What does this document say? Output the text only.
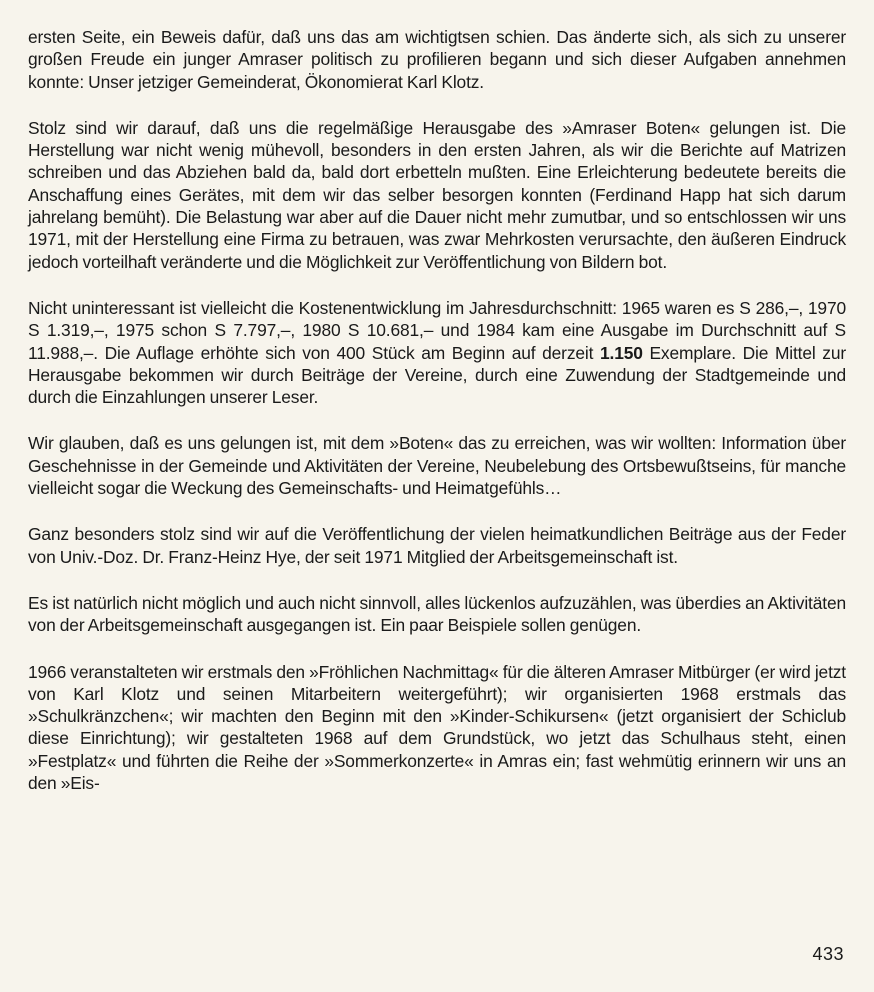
ersten Seite, ein Beweis dafür, daß uns das am wichtigtsen schien. Das änderte sich, als sich zu unserer großen Freude ein junger Amraser politisch zu profilieren begann und sich dieser Aufgaben annehmen konnte: Unser jetziger Gemeinderat, Ökonomierat Karl Klotz.

Stolz sind wir darauf, daß uns die regelmäßige Herausgabe des »Amraser Boten« gelungen ist. Die Herstellung war nicht wenig mühevoll, besonders in den ersten Jahren, als wir die Berichte auf Matrizen schreiben und das Abziehen bald da, bald dort erbetteln mußten. Eine Erleichterung bedeutete bereits die Anschaffung eines Gerätes, mit dem wir das selber besorgen konnten (Ferdinand Happ hat sich darum jahrelang bemüht). Die Belastung war aber auf die Dauer nicht mehr zumutbar, und so entschlossen wir uns 1971, mit der Herstellung eine Firma zu betrauen, was zwar Mehrkosten verursachte, den äußeren Eindruck jedoch vorteilhaft veränderte und die Möglichkeit zur Veröffentlichung von Bildern bot.

Nicht uninteressant ist vielleicht die Kostenentwicklung im Jahresdurchschnitt: 1965 waren es S 286,–, 1970 S 1.319,–, 1975 schon S 7.797,–, 1980 S 10.681,– und 1984 kam eine Ausgabe im Durchschnitt auf S 11.988,–. Die Auflage erhöhte sich von 400 Stück am Beginn auf derzeit 1.150 Exemplare. Die Mittel zur Herausgabe bekommen wir durch Beiträge der Vereine, durch eine Zuwendung der Stadtgemeinde und durch die Einzahlungen unserer Leser.

Wir glauben, daß es uns gelungen ist, mit dem »Boten« das zu erreichen, was wir wollten: Information über Geschehnisse in der Gemeinde und Aktivitäten der Vereine, Neubelebung des Ortsbewußtseins, für manche vielleicht sogar die Weckung des Gemeinschafts- und Heimatgefühls…

Ganz besonders stolz sind wir auf die Veröffentlichung der vielen heimatkundlichen Beiträge aus der Feder von Univ.-Doz. Dr. Franz-Heinz Hye, der seit 1971 Mitglied der Arbeitsgemeinschaft ist.

Es ist natürlich nicht möglich und auch nicht sinnvoll, alles lückenlos aufzuzählen, was überdies an Aktivitäten von der Arbeitsgemeinschaft ausgegangen ist. Ein paar Beispiele sollen genügen.

1966 veranstalteten wir erstmals den »Fröhlichen Nachmittag« für die älteren Amraser Mitbürger (er wird jetzt von Karl Klotz und seinen Mitarbeitern weitergeführt); wir organisierten 1968 erstmals das »Schulkränzchen«; wir machten den Beginn mit den »Kinder-Schikursen« (jetzt organisiert der Schiclub diese Einrichtung); wir gestalteten 1968 auf dem Grundstück, wo jetzt das Schulhaus steht, einen »Festplatz« und führten die Reihe der »Sommerkonzerte« in Amras ein; fast wehmütig erinnern wir uns an den »Eis-

433
